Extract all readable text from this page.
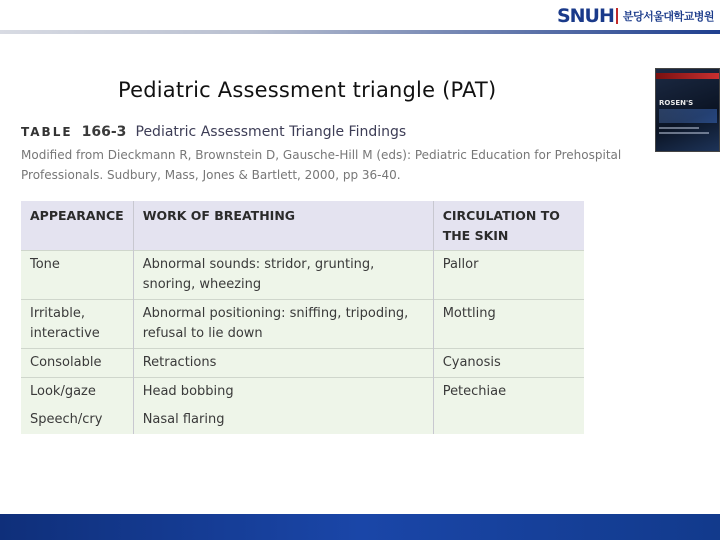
SNUH 분당서울대학교병원
Pediatric Assessment triangle (PAT)
ROSEN'S
TABLE 166-3 Pediatric Assessment Triangle Findings
Modified from Dieckmann R, Brownstein D, Gausche-Hill M (eds): Pediatric Education for Prehospital Professionals. Sudbury, Mass, Jones & Bartlett, 2000, pp 36-40.
APPEARANCE	WORK OF BREATHING	CIRCULATION TO THE SKIN
Tone	Abnormal sounds: stridor, grunting, snoring, wheezing	Pallor
Irritable, interactive	Abnormal positioning: sniffing, tripoding, refusal to lie down	Mottling
Consolable	Retractions	Cyanosis
Look/gaze	Head bobbing	Petechiae
Speech/cry	Nasal flaring	
